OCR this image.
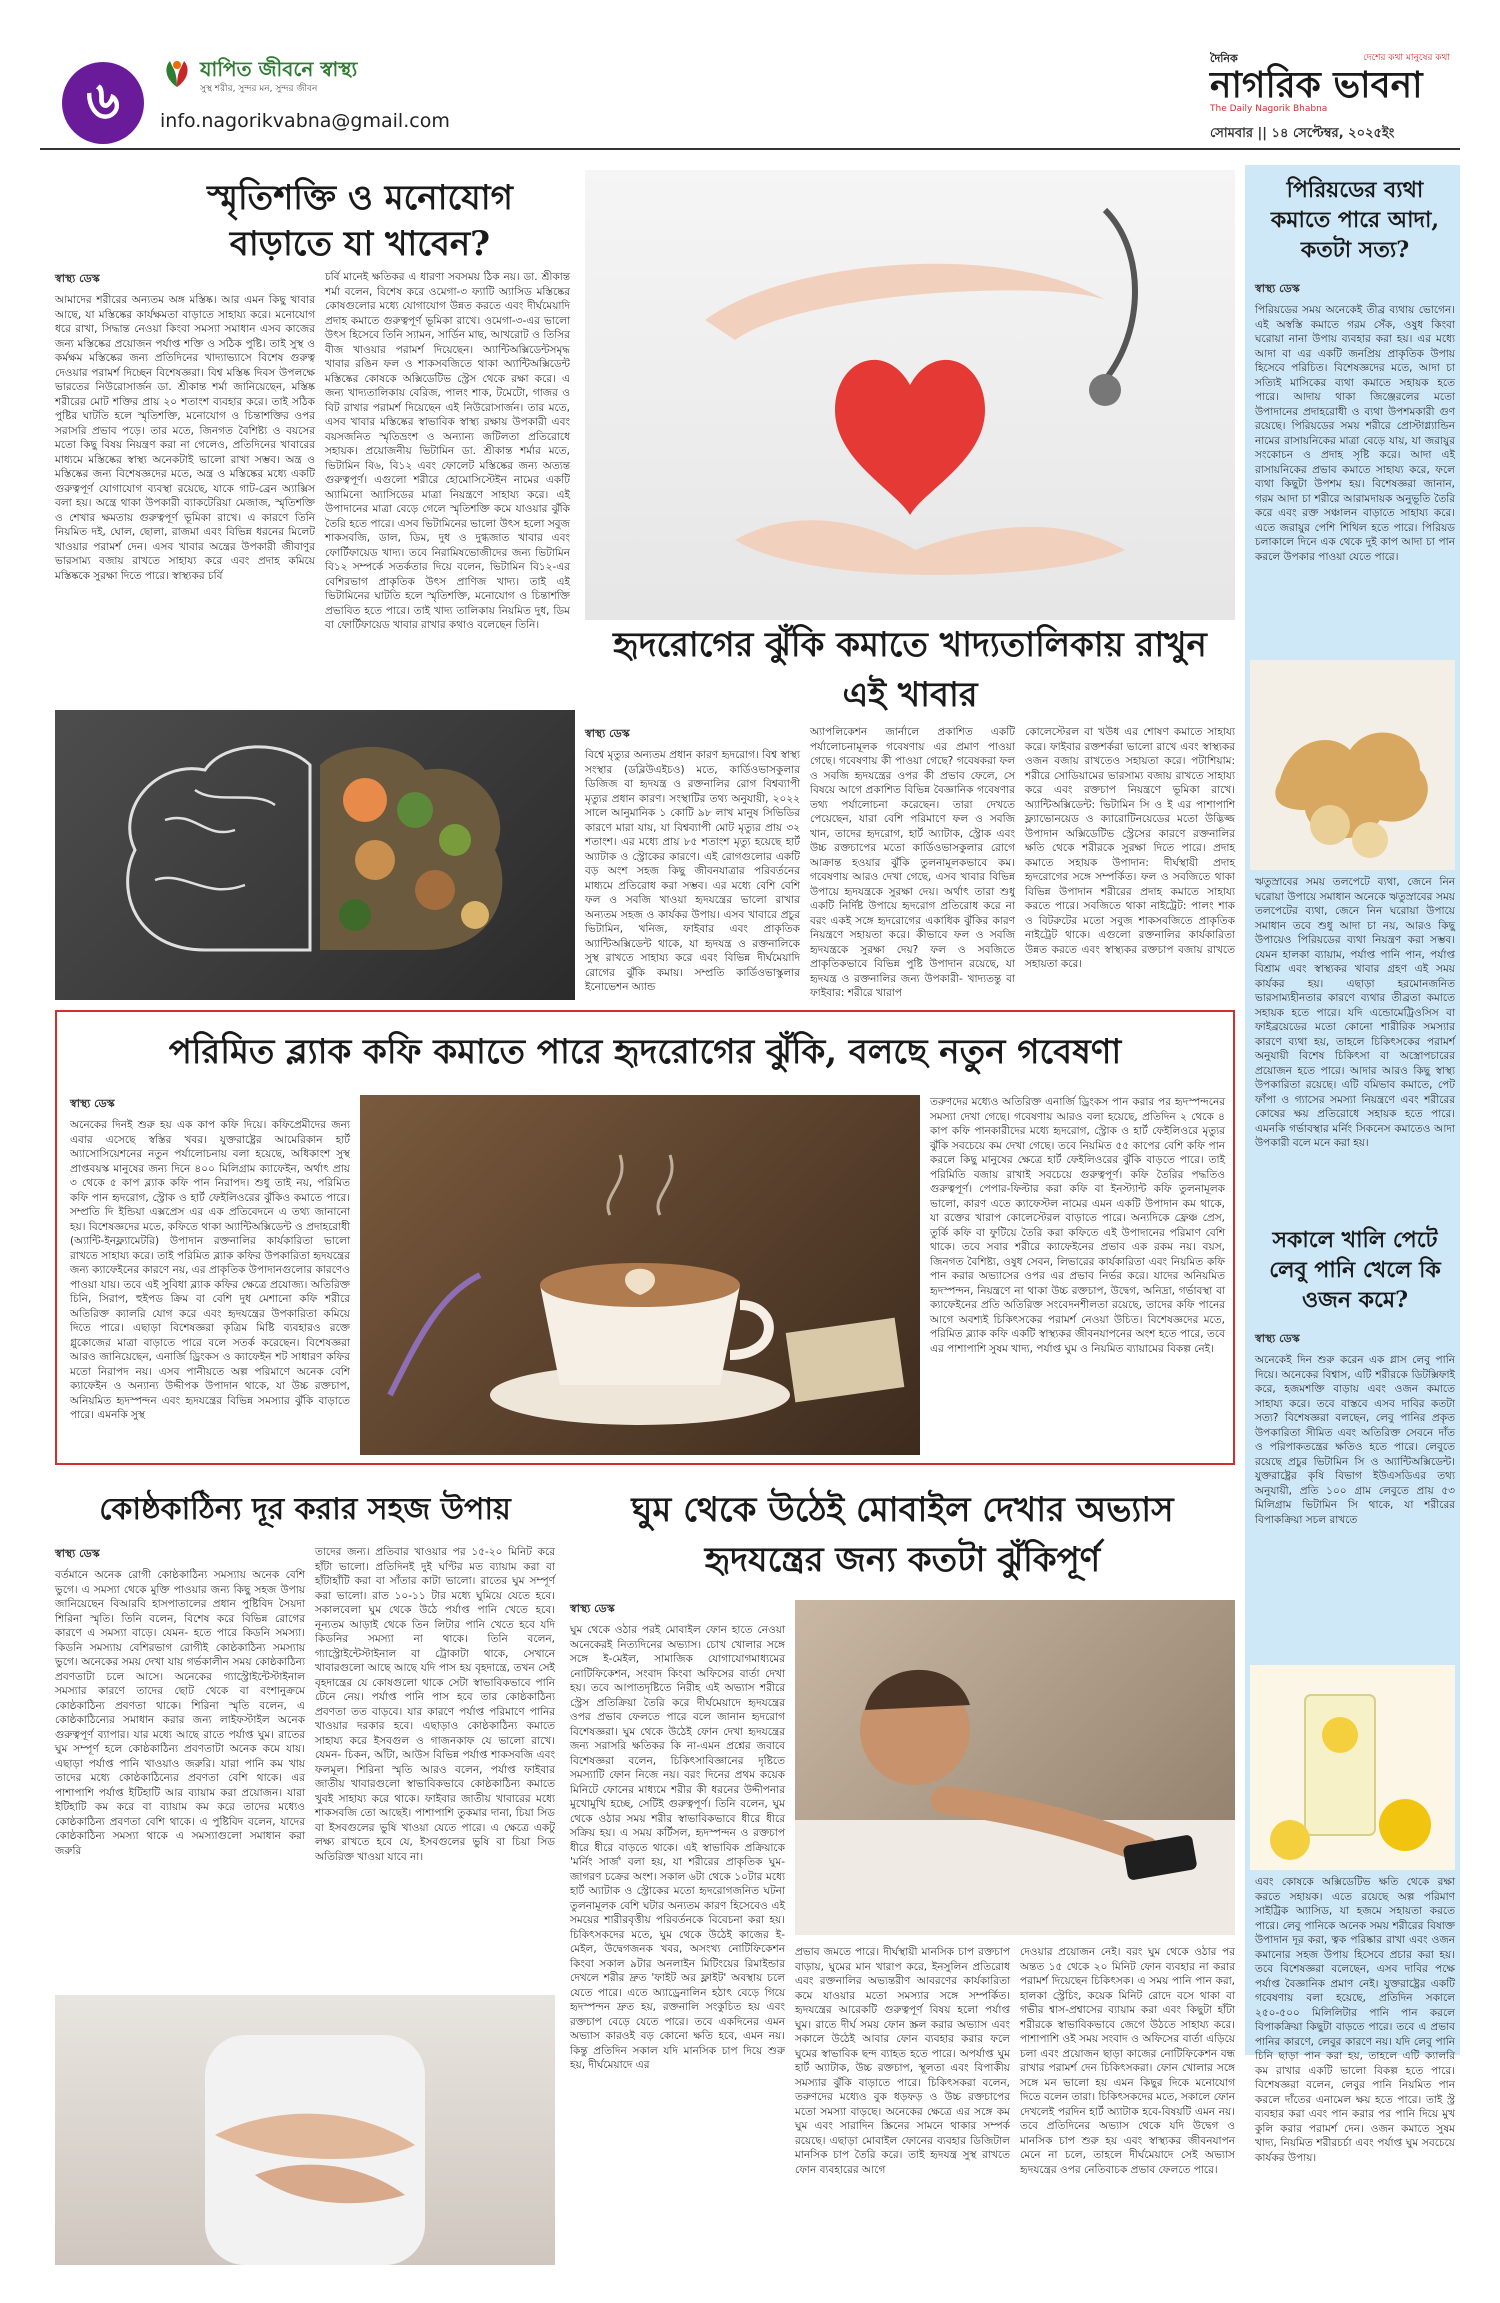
৬
যাপিত জীবনে স্বাস্থ্য
সুস্থ শরীর, সুন্দর মন, সুন্দর জীবন
info.nagorikvabna@gmail.com
দৈনিক
নাগরিক ভাবনা
দেশের কথা মানুষের কথা
The Daily Nagorik Bhabna
সোমবার || ১৪ সেপ্টেম্বর, ২০২৫ইং
স্মৃতিশক্তি ও মনোযোগ বাড়াতে যা খাবেন?
স্বাস্থ্য ডেস্ক
আমাদের শরীরের অন্যতম অঙ্গ মস্তিষ্ক। আর এমন কিছু খাবার আছে, যা মস্তিষ্কের কার্যক্ষমতা বাড়াতে সাহায্য করে। মনোযোগ ধরে রাখা, সিদ্ধান্ত নেওয়া কিংবা সমস্যা সমাধান এসব কাজের জন্য মস্তিষ্কের প্রয়োজন পর্যাপ্ত শক্তি ও সঠিক পুষ্টি। তাই সুস্থ ও কর্মক্ষম মস্তিষ্কের জন্য প্রতিদিনের খাদ্যাভ্যাসে বিশেষ গুরুত্ব দেওয়ার পরামর্শ দিচ্ছেন বিশেষজ্ঞরা। বিশ্ব মস্তিষ্ক দিবস উপলক্ষে ভারতের নিউরোসার্জন ডা. শ্রীকান্ত শর্মা জানিয়েছেন, মস্তিষ্ক শরীরের মোট শক্তির প্রায় ২০ শতাংশ ব্যবহার করে। তাই সঠিক পুষ্টির ঘাটতি হলে স্মৃতিশক্তি, মনোযোগ ও চিন্তাশক্তির ওপর সরাসরি প্রভাব পড়ে। তার মতে, জিনগত বৈশিষ্ট্য ও বয়সের মতো কিছু বিষয় নিয়ন্ত্রণ করা না গেলেও, প্রতিদিনের খাবারের মাধ্যমে মস্তিষ্কের স্বাস্থ্য অনেকটাই ভালো রাখা সম্ভব। অন্ত্র ও মস্তিষ্কের জন্য বিশেষজ্ঞদের মতে, অন্ত্র ও মস্তিষ্কের মধ্যে একটি গুরুত্বপূর্ণ যোগাযোগ ব্যবস্থা রয়েছে, যাকে গাট-ব্রেন অ্যাক্সিস বলা হয়। অন্ত্রে থাকা উপকারী ব্যাকটেরিয়া মেজাজ, স্মৃতিশক্তি ও শেখার ক্ষমতায় গুরুত্বপূর্ণ ভূমিকা রাখে। এ কারণে তিনি নিয়মিত দই, ঘোল, ছোলা, রাজমা এবং বিভিন্ন ধরনের মিলেট খাওয়ার পরামর্শ দেন। এসব খাবার অন্ত্রের উপকারী জীবাণুর ভারসাম্য বজায় রাখতে সাহায্য করে এবং প্রদাহ কমিয়ে মস্তিষ্ককে সুরক্ষা দিতে পারে। স্বাস্থ্যকর চর্বি
চর্বি মানেই ক্ষতিকর এ ধারণা সবসময় ঠিক নয়। ডা. শ্রীকান্ত শর্মা বলেন, বিশেষ করে ওমেগা-৩ ফ্যাটি অ্যাসিড মস্তিষ্কের কোষগুলোর মধ্যে যোগাযোগ উন্নত করতে এবং দীর্ঘমেয়াদি প্রদাহ কমাতে গুরুত্বপূর্ণ ভূমিকা রাখে। ওমেগা-৩-এর ভালো উৎস হিসেবে তিনি স্যামন, সার্ডিন মাছ, আখরোট ও তিসির বীজ খাওয়ার পরামর্শ দিয়েছেন। অ্যান্টিঅক্সিডেন্টসমৃদ্ধ খাবার রঙিন ফল ও শাকসবজিতে থাকা অ্যান্টিঅক্সিডেন্ট মস্তিষ্কের কোষকে অক্সিডেটিভ স্ট্রেস থেকে রক্ষা করে। এ জন্য খাদ্যতালিকায় বেরিজ, পালং শাক, টমেটো, গাজর ও বিট রাখার পরামর্শ দিয়েছেন এই নিউরোসার্জন। তার মতে, এসব খাবার মস্তিষ্কের স্বাভাবিক স্বাস্থ্য রক্ষায় উপকারী এবং বয়সজনিত স্মৃতিভ্রংশ ও অন্যান্য জটিলতা প্রতিরোধে সহায়ক। প্রয়োজনীয় ভিটামিন ডা. শ্রীকান্ত শর্মার মতে, ভিটামিন বি৬, বি১২ এবং ফোলেট মস্তিষ্কের জন্য অত্যন্ত গুরুত্বপূর্ণ। এগুলো শরীরে হোমোসিস্টেইন নামের একটি অ্যামিনো অ্যাসিডের মাত্রা নিয়ন্ত্রণে সাহায্য করে। এই উপাদানের মাত্রা বেড়ে গেলে স্মৃতিশক্তি কমে যাওয়ার ঝুঁকি তৈরি হতে পারে। এসব ভিটামিনের ভালো উৎস হলো সবুজ শাকসবজি, ডাল, ডিম, দুধ ও দুগ্ধজাত খাবার এবং ফোর্টিফায়েড খাদ্য। তবে নিরামিষভোজীদের জন্য ভিটামিন বি১২ সম্পর্কে সতর্কতার দিয়ে বলেন, ভিটামিন বি১২-এর বেশিরভাগ প্রাকৃতিক উৎস প্রাণিজ খাদ্য। তাই এই ভিটামিনের ঘাটতি হলে স্মৃতিশক্তি, মনোযোগ ও চিন্তাশক্তি প্রভাবিত হতে পারে। তাই খাদ্য তালিকায় নিয়মিত দুধ, ডিম বা ফোর্টিফায়েড খাবার রাখার কথাও বলেছেন তিনি।	হৃদরোগের ঝুঁকি কমাতে খাদ্যতালিকায় রাখুন এই খাবার
স্বাস্থ্য ডেস্ক
বিশ্বে মৃত্যুর অন্যতম প্রধান কারণ হৃদরোগ। বিশ্ব স্বাস্থ্য সংস্থার (ডব্লিউএইচও) মতে, কার্ডিওভাসকুলার ডিজিজ বা হৃদযন্ত্র ও রক্তনালির রোগ বিশ্বব্যাপী মৃত্যুর প্রধান কারণ। সংস্থাটির তথ্য অনুযায়ী, ২০২২ সালে আনুমানিক ১ কোটি ৯৮ লাখ মানুষ সিভিডির কারণে মারা যায়, যা বিশ্বব্যাপী মোট মৃত্যুর প্রায় ৩২ শতাংশ। এর মধ্যে প্রায় ৮৫ শতাংশ মৃত্যু হয়েছে হার্ট অ্যাটাক ও স্ট্রোকের কারণে। এই রোগগুলোর একটি বড় অংশ সহজ কিছু জীবনযাত্রার পরিবর্তনের মাধ্যমে প্রতিরোধ করা সম্ভব। এর মধ্যে বেশি বেশি ফল ও সবজি খাওয়া হৃদযন্ত্রের ভালো রাখার অন্যতম সহজ ও কার্যকর উপায়। এসব খাবারে প্রচুর ভিটামিন, খনিজ, ফাইবার এবং প্রাকৃতিক অ্যান্টিঅক্সিডেন্ট থাকে, যা হৃদযন্ত্র ও রক্তনালিকে সুস্থ রাখতে সাহায্য করে এবং বিভিন্ন দীর্ঘমেয়াদি রোগের ঝুঁকি কমায়। সম্প্রতি কার্ডিওভাস্কুলার ইনোভেশন অ্যান্ড
অ্যাপলিকেশন জার্নালে প্রকাশিত একটি পর্যালোচনামূলক গবেষণায় এর প্রমাণ পাওয়া গেছে। গবেষণায় কী পাওয়া গেছে? গবেষকরা ফল ও সবজি হৃদযন্ত্রের ওপর কী প্রভাব ফেলে, সে বিষয়ে আগে প্রকাশিত বিভিন্ন বৈজ্ঞানিক গবেষণার তথ্য পর্যালোচনা করেছেন। তারা দেখতে পেয়েছেন, যারা বেশি পরিমাণে ফল ও সবজি খান, তাদের হৃদরোগ, হার্ট অ্যাটাক, স্ট্রোক এবং উচ্চ রক্তচাপের মতো কার্ডিওভাসকুলার রোগে আক্রান্ত হওয়ার ঝুঁকি তুলনামূলকভাবে কম। গবেষণায় আরও দেখা গেছে, এসব খাবার বিভিন্ন উপায়ে হৃদযন্ত্রকে সুরক্ষা দেয়। অর্থাৎ তারা শুধু একটি নির্দিষ্ট উপায়ে হৃদরোগ প্রতিরোধ করে না বরং একই সঙ্গে হৃদরোগের একাধিক ঝুঁকির কারণ নিয়ন্ত্রণে সহায়তা করে। কীভাবে ফল ও সবজি হৃদযন্ত্রকে সুরক্ষা দেয়? ফল ও সবজিতে প্রাকৃতিকভাবে বিভিন্ন পুষ্টি উপাদান রয়েছে, যা হৃদযন্ত্র ও রক্তনালির জন্য উপকারী- খাদ্যতন্তু বা ফাইবার: শরীরে খারাপ
কোলেস্টেরল বা খউধ এর শোষণ কমাতে সাহায্য করে। ফাইবার রক্তশর্করা ভালো রাখে এবং স্বাস্থ্যকর ওজন বজায় রাখতেও সহায়তা করে। পটাশিয়াম: শরীরে সোডিয়ামের ভারসাম্য বজায় রাখতে সাহায্য করে এবং রক্তচাপ নিয়ন্ত্রণে ভূমিকা রাখে। অ্যান্টিঅক্সিডেন্ট: ভিটামিন সি ও ই এর পাশাপাশি ফ্ল্যাভোনয়েড ও ক্যারোটিনয়েডের মতো উদ্ভিজ্জ উপাদান অক্সিডেটিভ স্ট্রেসের কারণে রক্তনালির ক্ষতি থেকে শরীরকে সুরক্ষা দিতে পারে। প্রদাহ কমাতে সহায়ক উপাদান: দীর্ঘস্থায়ী প্রদাহ হৃদরোগের সঙ্গে সম্পর্কিত। ফল ও সবজিতে থাকা বিভিন্ন উপাদান শরীরের প্রদাহ কমাতে সাহায্য করতে পারে। সবজিতে থাকা নাইট্রেট: পালং শাক ও বিটরুটের মতো সবুজ শাকসবজিতে প্রাকৃতিক নাইট্রেট থাকে। এগুলো রক্তনালির কার্যকারিতা উন্নত করতে এবং স্বাস্থ্যকর রক্তচাপ বজায় রাখতে সহায়তা করে।
পিরিয়ডের ব্যথা কমাতে পারে আদা, কতটা সত্য?
স্বাস্থ্য ডেস্ক
পিরিয়ডের সময় অনেকেই তীব্র ব্যথায় ভোগেন। এই অস্বস্তি কমাতে গরম সেঁক, ওষুধ কিংবা ঘরোয়া নানা উপায় ব্যবহার করা হয়। এর মধ্যে আদা বা এর একটি জনপ্রিয় প্রাকৃতিক উপায় হিসেবে পরিচিত। বিশেষজ্ঞদের মতে, আদা চা সত্যিই মাসিকের ব্যথা কমাতে সহায়ক হতে পারে। আদায় থাকা জিঞ্জেরলের মতো উপাদানের প্রদাহরোধী ও ব্যথা উপশমকারী গুণ রয়েছে। পিরিয়ডের সময় শরীরে প্রোস্টাগ্ল্যান্ডিন নামের রাসায়নিকের মাত্রা বেড়ে যায়, যা জরায়ুর সংকোচন ও প্রদাহ সৃষ্টি করে। আদা এই রাসায়নিকের প্রভাব কমাতে সাহায্য করে, ফলে ব্যথা কিছুটা উপশম হয়। বিশেষজ্ঞরা জানান, গরম আদা চা শরীরে আরামদায়ক অনুভূতি তৈরি করে এবং রক্ত সঞ্চালন বাড়াতে সাহায্য করে। এতে জরায়ুর পেশি শিথিল হতে পারে। পিরিয়ড চলাকালে দিনে এক থেকে দুই কাপ আদা চা পান করলে উপকার পাওয়া যেতে পারে।
ঋতুস্রাবের সময় তলপেটে ব্যথা, জেনে নিন ঘরোয়া উপায়ে সমাধান অনেকে ঋতুস্রাবের সময় তলপেটের ব্যথা, জেনে নিন ঘরোয়া উপায়ে সমাধান তবে শুধু আদা চা নয়, আরও কিছু উপায়েও পিরিয়ডের ব্যথা নিয়ন্ত্রণ করা সম্ভব। যেমন হালকা ব্যায়াম, পর্যাপ্ত পানি পান, পর্যাপ্ত বিশ্রাম এবং স্বাস্থ্যকর খাবার গ্রহণ এই সময় কার্যকর হয়। এছাড়া হরমোনজনিত ভারসাম্যহীনতার কারণে ব্যথার তীব্রতা কমাতে সহায়ক হতে পারে। যদি এন্ডোমেট্রিওসিস বা ফাইব্রয়েডের মতো কোনো শারীরিক সমস্যার কারণে ব্যথা হয়, তাহলে চিকিৎসকের পরামর্শ অনুযায়ী বিশেষ চিকিৎসা বা অস্ত্রোপচারের প্রয়োজন হতে পারে। আদার আরও কিছু স্বাস্থ্য উপকারিতা রয়েছে। এটি বমিভাব কমাতে, পেট ফাঁপা ও গ্যাসের সমস্যা নিয়ন্ত্রণে এবং শরীরের কোষের ক্ষয় প্রতিরোধে সহায়ক হতে পারে। এমনকি গর্ভাবস্থার মর্নিং সিকনেস কমাতেও আদা উপকারী বলে মনে করা হয়।
সকালে খালি পেটে লেবু পানি খেলে কি ওজন কমে?
স্বাস্থ্য ডেস্ক
অনেকেই দিন শুরু করেন এক গ্লাস লেবু পানি দিয়ে। অনেকের বিশ্বাস, এটি শরীরকে ডিটক্সিফাই করে, হজমশক্তি বাড়ায় এবং ওজন কমাতে সাহায্য করে। তবে বাস্তবে এসব দাবির কতটা সত্য? বিশেষজ্ঞরা বলছেন, লেবু পানির প্রকৃত উপকারিতা সীমিত এবং অতিরিক্ত সেবনে দাঁত ও পরিপাকতন্ত্রের ক্ষতিও হতে পারে। লেবুতে রয়েছে প্রচুর ভিটামিন সি ও অ্যান্টিঅক্সিডেন্ট। যুক্তরাষ্ট্রের কৃষি বিভাগ ইউএসডিএর তথ্য অনুযায়ী, প্রতি ১০০ গ্রাম লেবুতে প্রায় ৫৩ মিলিগ্রাম ভিটামিন সি থাকে, যা শরীরের বিপাকক্রিয়া সচল রাখতে
এবং কোষকে অক্সিডেটিভ ক্ষতি থেকে রক্ষা করতে সহায়ক। এতে রয়েছে অল্প পরিমাণ সাইট্রিক অ্যাসিড, যা হজমে সহায়তা করতে পারে। লেবু পানিকে অনেক সময় শরীরের বিষাক্ত উপাদান দূর করা, ত্বক পরিষ্কার রাখা এবং ওজন কমানোর সহজ উপায় হিসেবে প্রচার করা হয়। তবে বিশেষজ্ঞরা বলেছেন, এসব দাবির পক্ষে পর্যাপ্ত বৈজ্ঞানিক প্রমাণ নেই। যুক্তরাষ্ট্রের একটি গবেষণায় বলা হয়েছে, প্রতিদিন সকালে ২৫০-৫০০ মিলিলিটার পানি পান করলে বিপাকক্রিয়া কিছুটা বাড়তে পারে। তবে এ প্রভাব পানির কারণে, লেবুর কারণে নয়। যদি লেবু পানি চিনি ছাড়া পান করা হয়, তাহলে এটি ক্যালরি কম রাখার একটি ভালো বিকল্প হতে পারে। বিশেষজ্ঞরা বলেন, লেবুর পানি নিয়মিত পান করলে দাঁতের এনামেল ক্ষয় হতে পারে। তাই স্ট্র ব্যবহার করা এবং পান করার পর পানি দিয়ে মুখ কুলি করার পরামর্শ দেন। ওজন কমাতে সুষম খাদ্য, নিয়মিত শরীরচর্চা এবং পর্যাপ্ত ঘুম সবচেয়ে কার্যকর উপায়।
পরিমিত ব্ল্যাক কফি কমাতে পারে হৃদরোগের ঝুঁকি, বলছে নতুন গবেষণা
স্বাস্থ্য ডেস্ক
অনেকের দিনই শুরু হয় এক কাপ কফি দিয়ে। কফিপ্রেমীদের জন্য এবার এসেছে স্বস্তির খবর। যুক্তরাষ্ট্রের আমেরিকান হার্ট অ্যাসোসিয়েশনের নতুন পর্যালোচনায় বলা হয়েছে, অধিকাংশ সুস্থ প্রাপ্তবয়স্ক মানুষের জন্য দিনে ৪০০ মিলিগ্রাম ক্যাফেইন, অর্থাৎ প্রায় ৩ থেকে ৫ কাপ ব্ল্যাক কফি পান নিরাপদ। শুধু তাই নয়, পরিমিত কফি পান হৃদরোগ, স্ট্রোক ও হার্ট ফেইলিওরের ঝুঁকিও কমাতে পারে। সম্প্রতি দি ইন্ডিয়া এক্সপ্রেস এর এক প্রতিবেদনে এ তথ্য জানানো হয়। বিশেষজ্ঞদের মতে, কফিতে থাকা অ্যান্টিঅক্সিডেন্ট ও প্রদাহরোধী (অ্যান্টি-ইনফ্ল্যামেটরি) উপাদান রক্তনালির কার্যকারিতা ভালো রাখতে সাহায্য করে। তাই পরিমিত ব্ল্যাক কফির উপকারিতা হৃদযন্ত্রের জন্য ক্যাফেইনের কারণে নয়, এর প্রাকৃতিক উপাদানগুলোর কারণেও পাওয়া যায়। তবে এই সুবিধা ব্ল্যাক কফির ক্ষেত্রে প্রযোজ্য। অতিরিক্ত চিনি, সিরাপ, হুইপড ক্রিম বা বেশি দুধ মেশানো কফি শরীরে অতিরিক্ত ক্যালরি যোগ করে এবং হৃদযন্ত্রের উপকারিতা কমিয়ে দিতে পারে। এছাড়া বিশেষজ্ঞরা কৃত্রিম মিষ্টি ব্যবহারও রক্তে গ্লুকোজের মাত্রা বাড়াতে পারে বলে সতর্ক করেছেন। বিশেষজ্ঞরা আরও জানিয়েছেন, এনার্জি ড্রিংকস ও ক্যাফেইন শট সাধারণ কফির মতো নিরাপদ নয়। এসব পানীয়তে অল্প পরিমাণে অনেক বেশি ক্যাফেইন ও অন্যান্য উদ্দীপক উপাদান থাকে, যা উচ্চ রক্তচাপ, অনিয়মিত হৃদস্পন্দন এবং হৃদযন্ত্রের বিভিন্ন সমস্যার ঝুঁকি বাড়াতে পারে। এমনকি সুস্থ
তরুণদের মধ্যেও অতিরিক্ত এনার্জি ড্রিংকস পান করার পর হৃদস্পন্দনের সমস্যা দেখা গেছে। গবেষণায় আরও বলা হয়েছে, প্রতিদিন ২ থেকে ৪ কাপ কফি পানকারীদের মধ্যে হৃদরোগ, স্ট্রোক ও হার্ট ফেইলিওরে মৃত্যুর ঝুঁকি সবচেয়ে কম দেখা গেছে। তবে নিয়মিত ৫৫ কাপের বেশি কফি পান করলে কিছু মানুষের ক্ষেত্রে হার্ট ফেইলিওরের ঝুঁকি বাড়তে পারে। তাই পরিমিতি বজায় রাখাই সবচেয়ে গুরুত্বপূর্ণ। কফি তৈরির পদ্ধতিও গুরুত্বপূর্ণ। পেপার-ফিল্টার করা কফি বা ইনস্ট্যান্ট কফি তুলনামূলক ভালো, কারণ এতে ক্যাফেস্টল নামের এমন একটি উপাদান কম থাকে, যা রক্তের খারাপ কোলেস্টেরল বাড়াতে পারে। অন্যদিকে ফ্রেঞ্চ প্রেস, তুর্কি কফি বা ফুটিয়ে তৈরি করা কফিতে এই উপাদানের পরিমাণ বেশি থাকে। তবে সবার শরীরে ক্যাফেইনের প্রভাব এক রকম নয়। বয়স, জিনগত বৈশিষ্ট্য, ওষুধ সেবন, লিভারের কার্যকারিতা এবং নিয়মিত কফি পান করার অভ্যাসের ওপর এর প্রভাব নির্ভর করে। যাদের অনিয়মিত হৃদস্পন্দন, নিয়ন্ত্রণে না থাকা উচ্চ রক্তচাপ, উদ্বেগ, অনিদ্রা, গর্ভাবস্থা বা ক্যাফেইনের প্রতি অতিরিক্ত সংবেদনশীলতা রয়েছে, তাদের কফি পানের আগে অবশ্যই চিকিৎসকের পরামর্শ নেওয়া উচিত। বিশেষজ্ঞদের মতে, পরিমিত ব্ল্যাক কফি একটি স্বাস্থ্যকর জীবনযাপনের অংশ হতে পারে, তবে এর পাশাপাশি সুষম খাদ্য, পর্যাপ্ত ঘুম ও নিয়মিত ব্যায়ামের বিকল্প নেই।
কোষ্ঠকাঠিন্য দূর করার সহজ উপায়
স্বাস্থ্য ডেস্ক
বর্তমানে অনেক রোগী কোষ্ঠকাঠিন্য সমস্যায় অনেক বেশি ভুগে। এ সমস্যা থেকে মুক্তি পাওয়ার জন্য কিছু সহজ উপায় জানিয়েছেন বিআরবি হাসপাতালের প্রধান পুষ্টিবিদ সৈয়দা শিরিনা স্মৃতি। তিনি বলেন, বিশেষ করে বিভিন্ন রোগের কারণে এ সমস্যা বাড়ে। যেমন- হতে পারে কিডনি সমস্যা। কিডনি সমস্যায় বেশিরভাগ রোগীই কোষ্ঠকাঠিন্য সমস্যায় ভুগে। অনেকের সময় দেখা যায় গর্ভকালীন সময় কোষ্ঠকাঠিন্য প্রবণতাটা চলে আসে। অনেকের গ্যাস্ট্রোইন্টেস্টাইনাল সমস্যার কারণে তাদের ছোট থেকে বা বংশানুক্রমে কোষ্ঠকাঠিন্য প্রবণতা থাকে। শিরিনা স্মৃতি বলেন, এ কোষ্ঠকাঠিন্যের সমাধান করার জন্য লাইফস্টাইল অনেক গুরুত্বপূর্ণ ব্যাপার। যার মধ্যে আছে রাতে পর্যাপ্ত ঘুম। রাতের ঘুম সম্পূর্ণ হলে কোষ্ঠকাঠিন্য প্রবণতাটা অনেক কমে যায়। এছাড়া পর্যাপ্ত পানি খাওয়াও জরুরি। যারা পানি কম খায় তাদের মধ্যে কোষ্ঠকাঠিন্যের প্রবণতা বেশি থাকে। এর পাশাপাশি পর্যাপ্ত ইটিহাটি আর ব্যায়াম করা প্রয়োজন। যারা ইটিহাটি কম করে বা ব্যায়াম কম করে তাদের মধ্যেও কোষ্ঠকাঠিন্য প্রবণতা বেশি থাকে। এ পুষ্টিবিদ বলেন, যাদের কোষ্ঠকাঠিন্য সমস্যা থাকে এ সমস্যাগুলো সমাধান করা জরুরি
তাদের জন্য। প্রতিবার খাওয়ার পর ১৫-২০ মিনিট করে হাঁটা ভালো। প্রতিদিনই দুই ঘণ্টির মত ব্যায়াম করা বা হাঁটাহাঁটি করা বা সাঁতার কাটা ভালো। রাতের ঘুম সম্পূর্ণ করা ভালো। রাত ১০-১১ টার মধ্যে ঘুমিয়ে যেতে হবে। সকালবেলা ঘুম থেকে উঠে পর্যাপ্ত পানি খেতে হবে। নূন্যতম আড়াই থেকে তিন লিটার পানি খেতে হবে যদি কিডনির সমস্যা না থাকে। তিনি বলেন, গ্যাস্ট্রোইন্টেস্টাইনাল বা ট্রোকাটা থাকে, সেখানে খাবারগুলো আছে আছে যদি পাস হয় বৃহদান্ত্রে, তখন সেই বৃহদান্ত্রের যে কোষগুলো থাকে সেটা স্বাভাবিকভাবে পানি টেনে নেয়। পর্যাপ্ত পানি পাস হবে তার কোষ্ঠকাঠিন্য প্রবণতা তত বাড়বে। যার কারণে পর্যাপ্ত পরিমাণে পানির খাওয়ার দরকার হবে। এছাড়াও কোষ্ঠকাঠিন্য কমাতে সাহায্য করে ইসবগুল ও গাজনকাফ যে ভালো রাখে। যেমন- চিকন, আঁটা, আউস বিভিন্ন পর্যাপ্ত শাকসবজি এবং ফলমূল। শিরিনা স্মৃতি আরও বলেন, পর্যাপ্ত ফাইবার জাতীয় খাবারগুলো স্বাভাবিকভাবে কোষ্ঠকাঠিন্য কমাতে খুবই সাহায্য করে থাকে। ফাইবার জাতীয় খাবারের মধ্যে শাকসবজি তো আছেই। পাশাপাশি তুকমার দানা, চিয়া সিড বা ইসবগুলের ভুষি খাওয়া যেতে পারে। এ ক্ষেত্রে একটু লক্ষ্য রাখতে হবে যে, ইসবগুলের ভুষি বা চিয়া সিড অতিরিক্ত খাওয়া যাবে না।
ঘুম থেকে উঠেই মোবাইল দেখার অভ্যাস হৃদযন্ত্রের জন্য কতটা ঝুঁকিপূর্ণ
স্বাস্থ্য ডেস্ক
ঘুম থেকে ওঠার পরই মোবাইল ফোন হাতে নেওয়া অনেকেরই নিত্যদিনের অভ্যাস। চোখ খোলার সঙ্গে সঙ্গে ই-মেইল, সামাজিক যোগাযোগমাধ্যমের নোটিফিকেশন, সংবাদ কিংবা অফিসের বার্তা দেখা হয়। তবে আপাতদৃষ্টিতে নিরীহ এই অভ্যাস শরীরে স্ট্রেস প্রতিক্রিয়া তৈরি করে দীর্ঘমেয়াদে হৃদযন্ত্রের ওপর প্রভাব ফেলতে পারে বলে জানান হৃদরোগ বিশেষজ্ঞরা। ঘুম থেকে উঠেই ফোন দেখা হৃদযন্ত্রের জন্য সরাসরি ক্ষতিকর কি না-এমন প্রশ্নের জবাবে বিশেষজ্ঞরা বলেন, চিকিৎসাবিজ্ঞানের দৃষ্টিতে সমস্যাটি ফোন নিজে নয়। বরং দিনের প্রথম কয়েক মিনিটে ফোনের মাধ্যমে শরীর কী ধরনের উদ্দীপনার মুখোমুখি হচ্ছে, সেটিই গুরুত্বপূর্ণ। তিনি বলেন, ঘুম থেকে ওঠার সময় শরীর স্বাভাবিকভাবে ধীরে ধীরে সক্রিয় হয়। এ সময় কর্টিসল, হৃদস্পন্দন ও রক্তচাপ ধীরে ধীরে বাড়তে থাকে। এই স্বাভাবিক প্রক্রিয়াকে 'মর্নিং সার্জ' বলা হয়, যা শরীরের প্রাকৃতিক ঘুম-জাগরণ চক্রের অংশ। সকাল ৬টা থেকে ১০টার মধ্যে হার্ট অ্যাটাক ও স্ট্রোকের মতো হৃদরোগজনিত ঘটনা তুলনামূলক বেশি ঘটার অন্যতম কারণ হিসেবেও এই সময়ের শারীরবৃত্তীয় পরিবর্তনকে বিবেচনা করা হয়। চিকিৎসকদের মতে, ঘুম থেকে উঠেই কাজের ই-মেইল, উদ্বেগজনক খবর, অসংখ্য নোটিফিকেশন কিংবা সকাল ৯টার অনলাইন মিটিংয়ের রিমাইন্ডার দেখলে শরীর দ্রুত 'ফাইট অর ফ্লাইট' অবস্থায় চলে যেতে পারে। এতে অ্যাড্রেনালিন হঠাৎ বেড়ে গিয়ে হৃদস্পন্দন দ্রুত হয়, রক্তনালি সংকুচিত হয় এবং রক্তচাপ বেড়ে যেতে পারে। তবে একদিনের এমন অভ্যাস কারওই বড় কোনো ক্ষতি হবে, এমন নয়। কিন্তু প্রতিদিন সকাল যদি মানসিক চাপ দিয়ে শুরু হয়, দীর্ঘমেয়াদে এর
প্রভাব জমতে পারে। দীর্ঘস্থায়ী মানসিক চাপ রক্তচাপ বাড়ায়, ঘুমের মান খারাপ করে, ইনসুলিন প্রতিরোধ এবং রক্তনালির অভ্যন্তরীণ আবরণের কার্যকারিতা কমে যাওয়ার মতো সমস্যার সঙ্গে সম্পর্কিত। হৃদযন্ত্রের আরেকটি গুরুত্বপূর্ণ বিষয় হলো পর্যাপ্ত ঘুম। রাতে দীর্ঘ সময় ফোন স্ক্রল করার অভ্যাস এবং সকালে উঠেই আবার ফোন ব্যবহার করার ফলে ঘুমের স্বাভাবিক ছন্দ ব্যাহত হতে পারে। অপর্যাপ্ত ঘুম হার্ট অ্যাটাক, উচ্চ রক্তচাপ, স্থূলতা এবং বিপাকীয় সমস্যার ঝুঁকি বাড়াতে পারে। চিকিৎসকরা বলেন, তরুণদের মধ্যেও বুক ধড়ফড় ও উচ্চ রক্তচাপের মতো সমস্যা বাড়ছে। অনেকের ক্ষেত্রে এর সঙ্গে কম ঘুম এবং সারাদিন স্ক্রিনের সামনে থাকার সম্পর্ক রয়েছে। এছাড়া মোবাইল ফোনের ব্যবহার ডিজিটাল মানসিক চাপ তৈরি করে। তাই হৃদযন্ত্র সুস্থ রাখতে ফোন ব্যবহারের আগে
দেওয়ার প্রয়োজন নেই। বরং ঘুম থেকে ওঠার পর অন্তত ১৫ থেকে ২০ মিনিট ফোন ব্যবহার না করার পরামর্শ দিয়েছেন চিকিৎসক। এ সময় পানি পান করা, হালকা স্ট্রেচিং, কয়েক মিনিট রোদে বসে থাকা বা গভীর শ্বাস-প্রশ্বাসের ব্যায়াম করা এবং কিছুটা হাঁটা শরীরকে স্বাভাবিকভাবে জেগে উঠতে সাহায্য করে। পাশাপাশি ওই সময় সংবাদ ও অফিসের বার্তা এড়িয়ে চলা এবং প্রয়োজন ছাড়া কাজের নোটিফিকেশন বন্ধ রাখার পরামর্শ দেন চিকিৎসকরা। ফোন খোলার সঙ্গে সঙ্গে মন ভালো হয় এমন কিছুর দিকে মনোযোগ দিতে বলেন তারা। চিকিৎসকদের মতে, সকালে ফোন দেখলেই পরদিন হার্ট অ্যাটাক হবে-বিষয়টি এমন নয়। তবে প্রতিদিনের অভ্যাস থেকে যদি উদ্বেগ ও মানসিক চাপ শুরু হয় এবং স্বাস্থ্যকর জীবনযাপন মেনে না চলে, তাহলে দীর্ঘমেয়াদে সেই অভ্যাস হৃদযন্ত্রের ওপর নেতিবাচক প্রভাব ফেলতে পারে।
